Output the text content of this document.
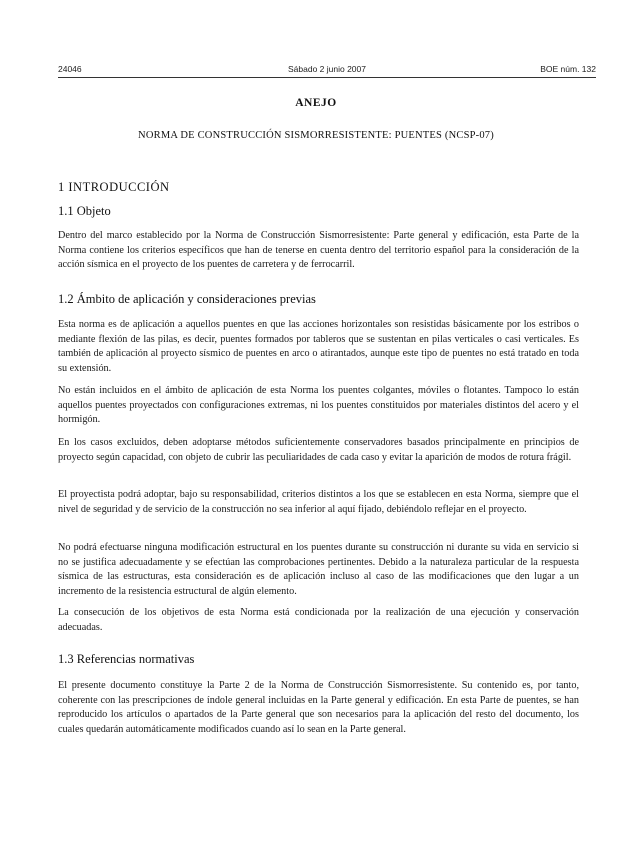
24046	Sábado 2 junio 2007	BOE núm. 132
ANEJO
NORMA DE CONSTRUCCIÓN SISMORRESISTENTE: PUENTES (NCSP-07)
1 INTRODUCCIÓN
1.1 Objeto

Dentro del marco establecido por la Norma de Construcción Sismorresistente: Parte general y edificación, esta Parte de la Norma contiene los criterios específicos que han de tenerse en cuenta dentro del territorio español para la consideración de la acción sísmica en el proyecto de los puentes de carretera y de ferrocarril.

1.2 Ámbito de aplicación y consideraciones previas

Esta norma es de aplicación a aquellos puentes en que las acciones horizontales son resistidas básicamente por los estribos o mediante flexión de las pilas, es decir, puentes formados por tableros que se sustentan en pilas verticales o casi verticales. Es también de aplicación al proyecto sísmico de puentes en arco o atirantados, aunque este tipo de puentes no está tratado en toda su extensión.

No están incluidos en el ámbito de aplicación de esta Norma los puentes colgantes, móviles o flotantes. Tampoco lo están aquellos puentes proyectados con configuraciones extremas, ni los puentes constituidos por materiales distintos del acero y el hormigón.

En los casos excluidos, deben adoptarse métodos suficientemente conservadores basados principalmente en principios de proyecto según capacidad, con objeto de cubrir las peculiaridades de cada caso y evitar la aparición de modos de rotura frágil.

El proyectista podrá adoptar, bajo su responsabilidad, criterios distintos a los que se establecen en esta Norma, siempre que el nivel de seguridad y de servicio de la construcción no sea inferior al aquí fijado, debiéndolo reflejar en el proyecto.

No podrá efectuarse ninguna modificación estructural en los puentes durante su construcción ni durante su vida en servicio si no se justifica adecuadamente y se efectúan las comprobaciones pertinentes. Debido a la naturaleza particular de la respuesta sísmica de las estructuras, esta consideración es de aplicación incluso al caso de las modificaciones que den lugar a un incremento de la resistencia estructural de algún elemento.

La consecución de los objetivos de esta Norma está condicionada por la realización de una ejecución y conservación adecuadas.

1.3 Referencias normativas

El presente documento constituye la Parte 2 de la Norma de Construcción Sismorresistente. Su contenido es, por tanto, coherente con las prescripciones de índole general incluidas en la Parte general y edificación. En esta Parte de puentes, se han reproducido los artículos o apartados de la Parte general que son necesarios para la aplicación del resto del documento, los cuales quedarán automáticamente modificados cuando así lo sean en la Parte general.
